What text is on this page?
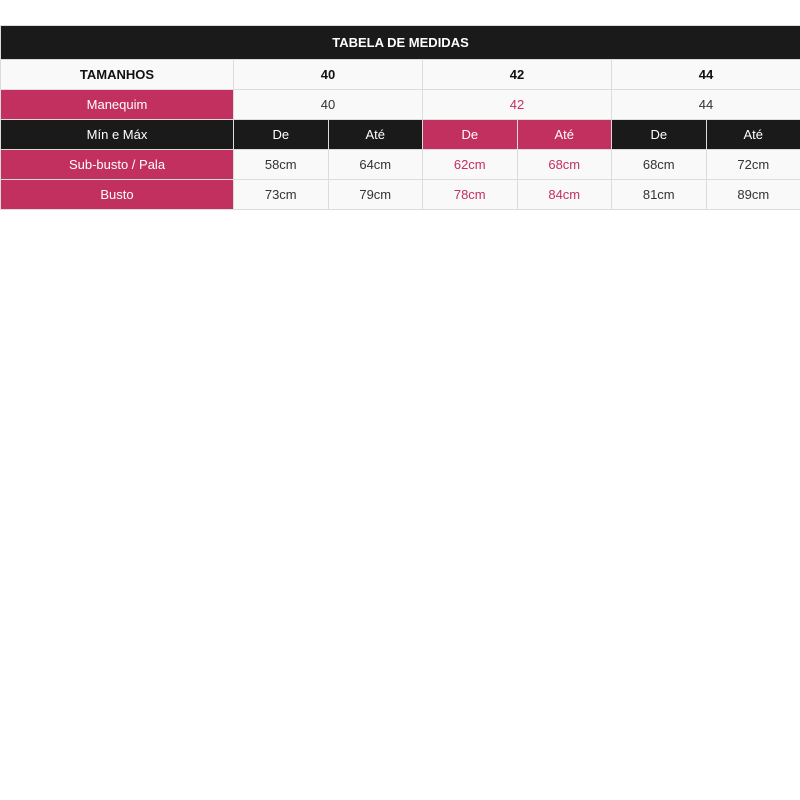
TABELA DE MEDIDAS						
TAMANHOS	40		42		44	
Manequim	40		42		44	
Mín e Máx	De	Até	De	Até	De	Até
Sub-busto / Pala	58cm	64cm	62cm	68cm	68cm	72cm
Busto	73cm	79cm	78cm	84cm	81cm	89cm
